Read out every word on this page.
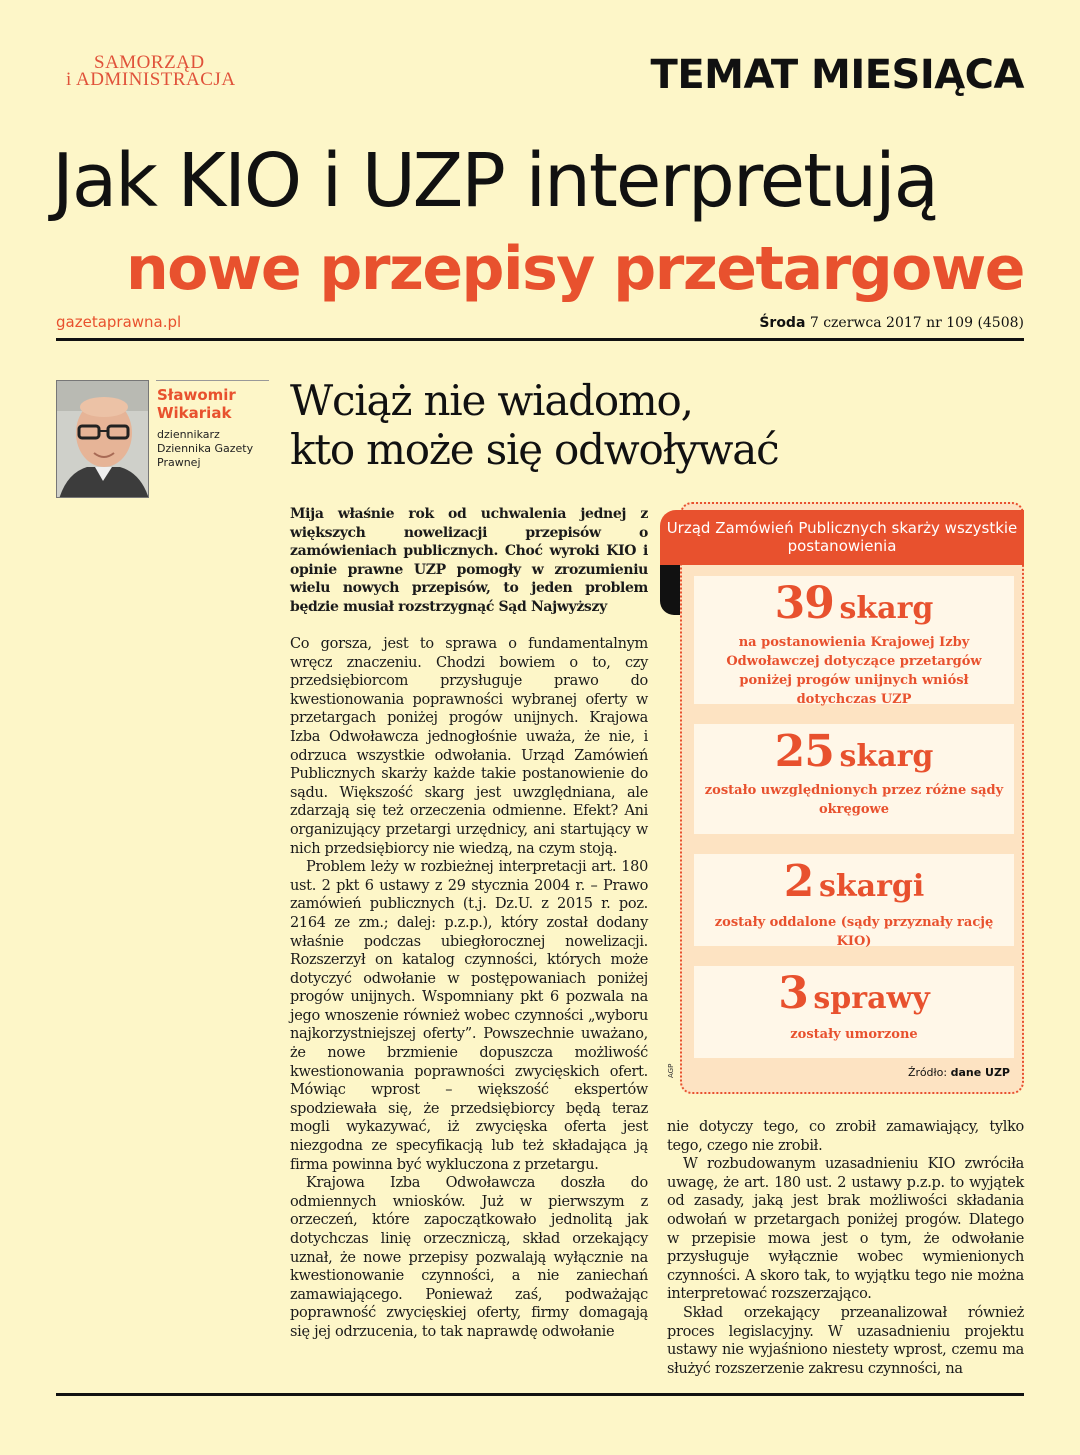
SAMORZĄD
i ADMINISTRACJA	TEMAT MIESIĄCA
Jak KIO i UZP interpretują
nowe przepisy przetargowe
gazetaprawna.pl	Środa 7 czerwca 2017 nr 109 (4508)
Sławomir
Wikariak
dziennikarz
Dziennika Gazety
Prawnej
Wciąż nie wiadomo,
kto może się odwoływać
Mija właśnie rok od uchwalenia jednej z większych nowelizacji przepisów o zamówieniach publicznych. Choć wyroki KIO i opinie prawne UZP pomogły w zrozumieniu wielu nowych przepisów, to jeden problem będzie musiał rozstrzygnąć Sąd Najwyższy

Co gorsza, jest to sprawa o fundamentalnym wręcz znaczeniu. Chodzi bowiem o to, czy przedsiębiorcom przysługuje prawo do kwestionowania poprawności wybranej oferty w przetargach poniżej progów unijnych. Krajowa Izba Odwoławcza jednogłośnie uważa, że nie, i odrzuca wszystkie odwołania. Urząd Zamówień Publicznych skarży każde takie postanowienie do sądu. Większość skarg jest uwzględniana, ale zdarzają się też orzeczenia odmienne. Efekt? Ani organizujący przetargi urzędnicy, ani startujący w nich przedsiębiorcy nie wiedzą, na czym stoją.

Problem leży w rozbieżnej interpretacji art. 180 ust. 2 pkt 6 ustawy z 29 stycznia 2004 r. – Prawo zamówień publicznych (t.j. Dz.U. z 2015 r. poz. 2164 ze zm.; dalej: p.z.p.), który został dodany właśnie podczas ubiegłorocznej nowelizacji. Rozszerzył on katalog czynności, których może dotyczyć odwołanie w postępowaniach poniżej progów unijnych. Wspomniany pkt 6 pozwala na jego wnoszenie również wobec czynności „wyboru najkorzystniejszej oferty”. Powszechnie uważano, że nowe brzmienie dopuszcza możliwość kwestionowania poprawności zwycięskich ofert. Mówiąc wprost – większość ekspertów spodziewała się, że przedsiębiorcy będą teraz mogli wykazywać, iż zwycięska oferta jest niezgodna ze specyfikacją lub też składająca ją firma powinna być wykluczona z przetargu.

Krajowa Izba Odwoławcza doszła do odmiennych wniosków. Już w pierwszym z orzeczeń, które zapoczątkowało jednolitą jak dotychczas linię orzeczniczą, skład orzekający uznał, że nowe przepisy pozwalają wyłącznie na kwestionowanie czynności, a nie zaniechań zamawiającego. Ponieważ zaś, podważając poprawność zwycięskiej oferty, firmy domagają się jej odrzucenia, to tak naprawdę odwołanie

Urząd Zamówień Publicznych skarży wszystkie postanowienia
39 skarg
na postanowienia Krajowej Izby Odwoławczej dotyczące przetargów poniżej progów unijnych wniósł dotychczas UZP
25 skarg
zostało uwzględnionych przez różne sądy okręgowe
2 skargi
zostały oddalone (sądy przyznały rację KIO)
3 sprawy
zostały umorzone
Źródło: dane UZP
AGP

nie dotyczy tego, co zrobił zamawiający, tylko tego, czego nie zrobił.

W rozbudowanym uzasadnieniu KIO zwróciła uwagę, że art. 180 ust. 2 ustawy p.z.p. to wyjątek od zasady, jaką jest brak możliwości składania odwołań w przetargach poniżej progów. Dlatego w przepisie mowa jest o tym, że odwołanie przysługuje wyłącznie wobec wymienionych czynności. A skoro tak, to wyjątku tego nie można interpretować rozszerzająco.

Skład orzekający przeanalizował również proces legislacyjny. W uzasadnieniu projektu ustawy nie wyjaśniono niestety wprost, czemu ma służyć rozszerzenie zakresu czynności, na
